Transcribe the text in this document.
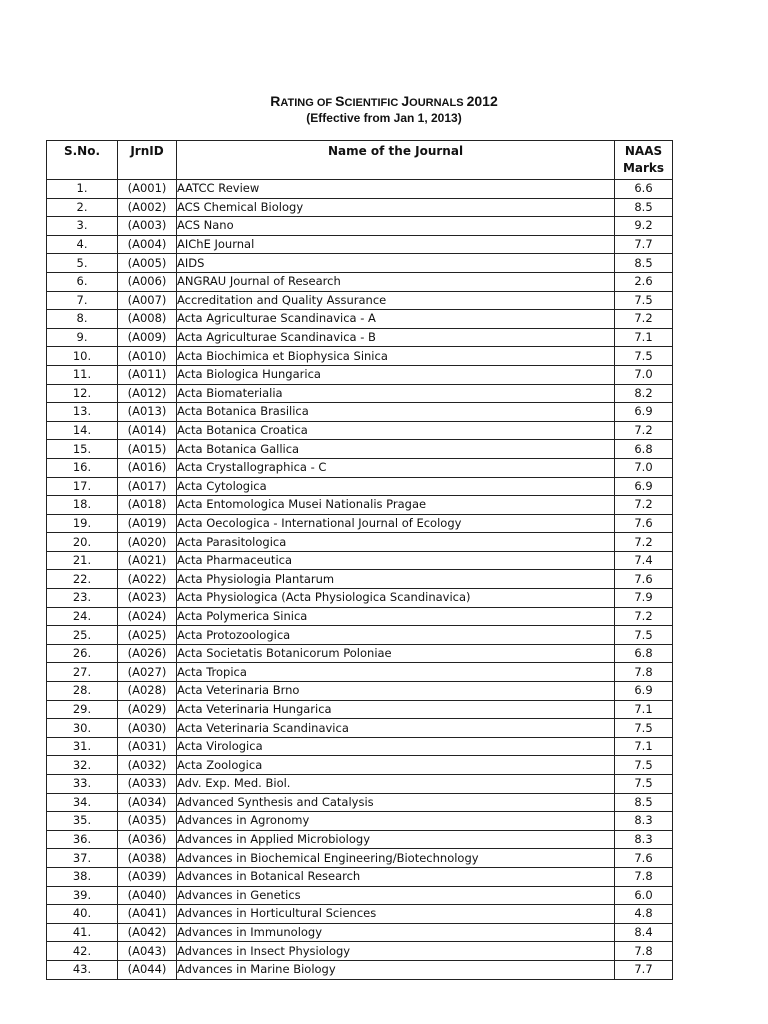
RATING OF SCIENTIFIC JOURNALS 2012
(Effective from Jan 1, 2013)
S.No.	JrnID	Name of the Journal	NAAS
Marks
1.	(A001)	AATCC Review	6.6
2.	(A002)	ACS Chemical Biology	8.5
3.	(A003)	ACS Nano	9.2
4.	(A004)	AIChE Journal	7.7
5.	(A005)	AIDS	8.5
6.	(A006)	ANGRAU Journal of Research	2.6
7.	(A007)	Accreditation and Quality Assurance	7.5
8.	(A008)	Acta Agriculturae Scandinavica - A	7.2
9.	(A009)	Acta Agriculturae Scandinavica - B	7.1
10.	(A010)	Acta Biochimica et Biophysica Sinica	7.5
11.	(A011)	Acta Biologica Hungarica	7.0
12.	(A012)	Acta Biomaterialia	8.2
13.	(A013)	Acta Botanica Brasilica	6.9
14.	(A014)	Acta Botanica Croatica	7.2
15.	(A015)	Acta Botanica Gallica	6.8
16.	(A016)	Acta Crystallographica - C	7.0
17.	(A017)	Acta Cytologica	6.9
18.	(A018)	Acta Entomologica Musei Nationalis Pragae	7.2
19.	(A019)	Acta Oecologica - International Journal of Ecology	7.6
20.	(A020)	Acta Parasitologica	7.2
21.	(A021)	Acta Pharmaceutica	7.4
22.	(A022)	Acta Physiologia Plantarum	7.6
23.	(A023)	Acta Physiologica (Acta Physiologica Scandinavica)	7.9
24.	(A024)	Acta Polymerica Sinica	7.2
25.	(A025)	Acta Protozoologica	7.5
26.	(A026)	Acta Societatis Botanicorum Poloniae	6.8
27.	(A027)	Acta Tropica	7.8
28.	(A028)	Acta Veterinaria Brno	6.9
29.	(A029)	Acta Veterinaria Hungarica	7.1
30.	(A030)	Acta Veterinaria Scandinavica	7.5
31.	(A031)	Acta Virologica	7.1
32.	(A032)	Acta Zoologica	7.5
33.	(A033)	Adv. Exp. Med. Biol.	7.5
34.	(A034)	Advanced Synthesis and Catalysis	8.5
35.	(A035)	Advances in Agronomy	8.3
36.	(A036)	Advances in Applied Microbiology	8.3
37.	(A038)	Advances in Biochemical Engineering/Biotechnology	7.6
38.	(A039)	Advances in Botanical Research	7.8
39.	(A040)	Advances in Genetics	6.0
40.	(A041)	Advances in Horticultural Sciences	4.8
41.	(A042)	Advances in Immunology	8.4
42.	(A043)	Advances in Insect Physiology	7.8
43.	(A044)	Advances in Marine Biology	7.7
